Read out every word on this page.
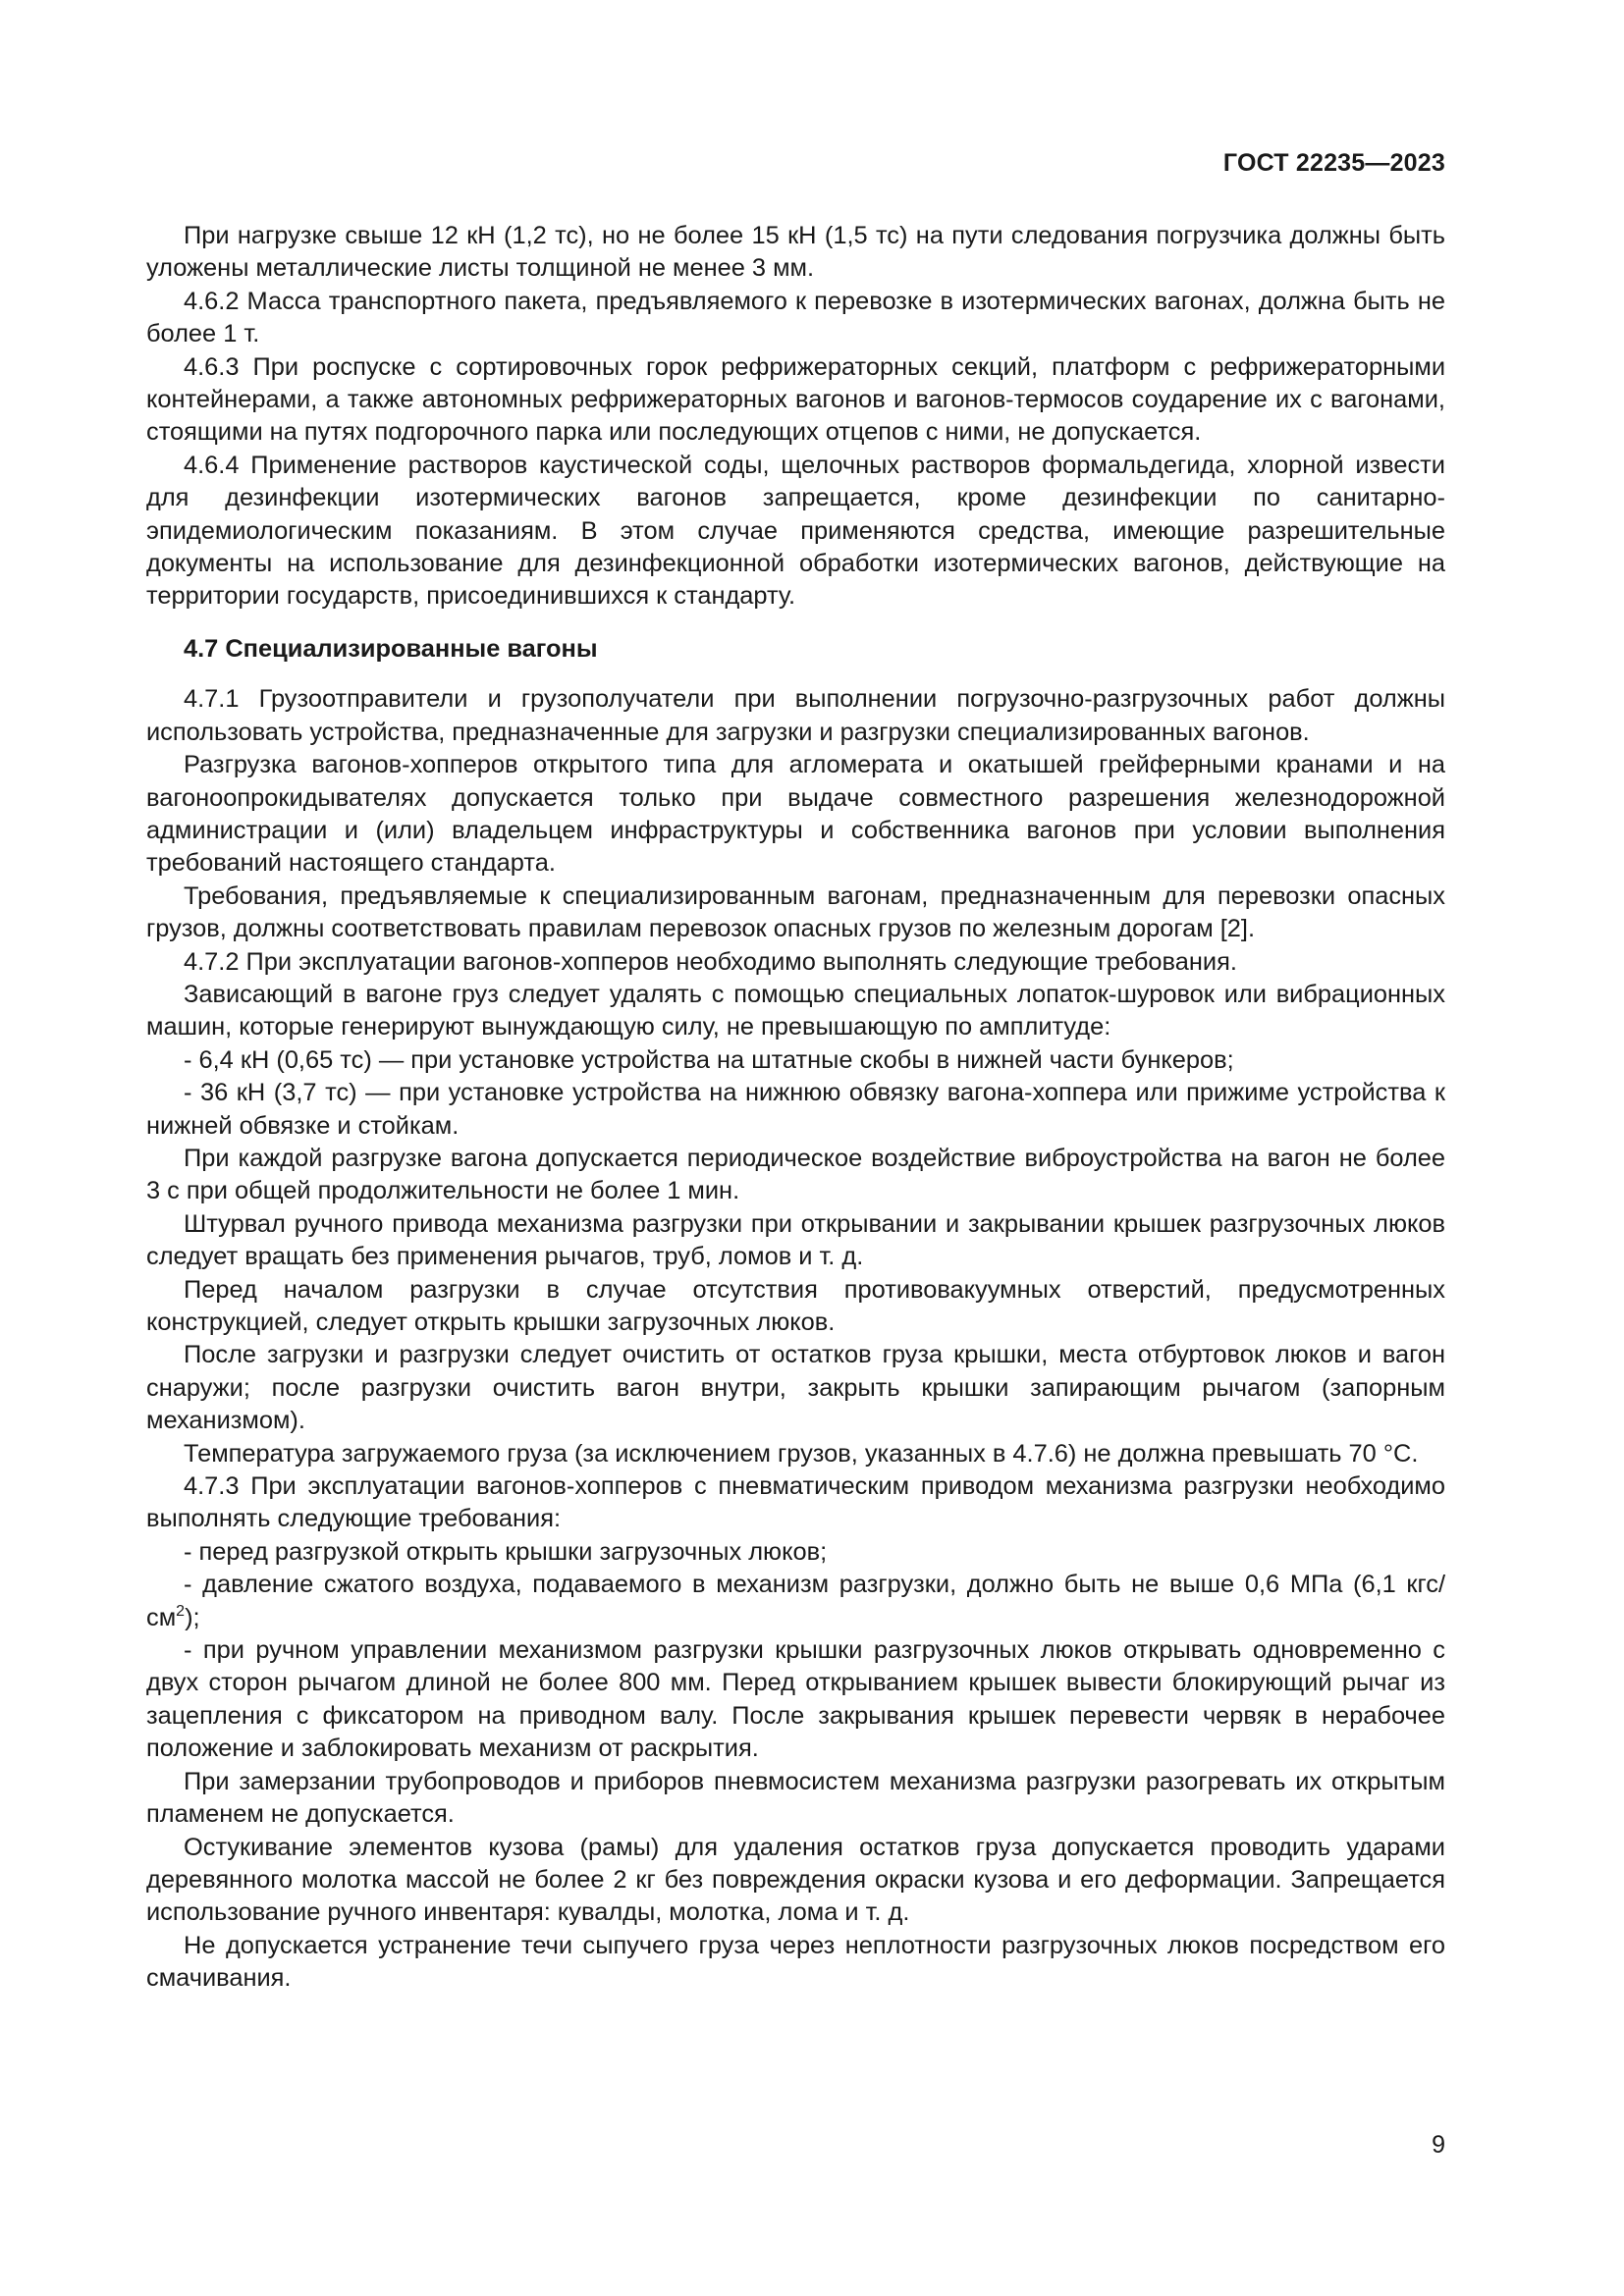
ГОСТ 22235—2023

При нагрузке свыше 12 кН (1,2 тс), но не более 15 кН (1,5 тс) на пути следования погрузчика должны быть уложены металлические листы толщиной не менее 3 мм.

4.6.2 Масса транспортного пакета, предъявляемого к перевозке в изотермических вагонах, должна быть не более 1 т.

4.6.3 При роспуске с сортировочных горок рефрижераторных секций, платформ с рефрижераторными контейнерами, а также автономных рефрижераторных вагонов и вагонов-термосов соударение их с вагонами, стоящими на путях подгорочного парка или последующих отцепов с ними, не допускается.

4.6.4 Применение растворов каустической соды, щелочных растворов формальдегида, хлорной извести для дезинфекции изотермических вагонов запрещается, кроме дезинфекции по санитарно-эпидемиологическим показаниям. В этом случае применяются средства, имеющие разрешительные документы на использование для дезинфекционной обработки изотермических вагонов, действующие на территории государств, присоединившихся к стандарту.

4.7 Специализированные вагоны

4.7.1 Грузоотправители и грузополучатели при выполнении погрузочно-разгрузочных работ должны использовать устройства, предназначенные для загрузки и разгрузки специализированных вагонов.

Разгрузка вагонов-хопперов открытого типа для агломерата и окатышей грейферными кранами и на вагоноопрокидывателях допускается только при выдаче совместного разрешения железнодорожной администрации и (или) владельцем инфраструктуры и собственника вагонов при условии выполнения требований настоящего стандарта.

Требования, предъявляемые к специализированным вагонам, предназначенным для перевозки опасных грузов, должны соответствовать правилам перевозок опасных грузов по железным дорогам [2].

4.7.2 При эксплуатации вагонов-хопперов необходимо выполнять следующие требования.

Зависающий в вагоне груз следует удалять с помощью специальных лопаток-шуровок или вибрационных машин, которые генерируют вынуждающую силу, не превышающую по амплитуде:

- 6,4 кН (0,65 тс) — при установке устройства на штатные скобы в нижней части бункеров;

- 36 кН (3,7 тс) — при установке устройства на нижнюю обвязку вагона-хоппера или прижиме устройства к нижней обвязке и стойкам.

При каждой разгрузке вагона допускается периодическое воздействие виброустройства на вагон не более 3 с при общей продолжительности не более 1 мин.

Штурвал ручного привода механизма разгрузки при открывании и закрывании крышек разгрузочных люков следует вращать без применения рычагов, труб, ломов и т. д.

Перед началом разгрузки в случае отсутствия противовакуумных отверстий, предусмотренных конструкцией, следует открыть крышки загрузочных люков.

После загрузки и разгрузки следует очистить от остатков груза крышки, места отбуртовок люков и вагон снаружи; после разгрузки очистить вагон внутри, закрыть крышки запирающим рычагом (запорным механизмом).

Температура загружаемого груза (за исключением грузов, указанных в 4.7.6) не должна превышать 70 °C.

4.7.3 При эксплуатации вагонов-хопперов с пневматическим приводом механизма разгрузки необходимо выполнять следующие требования:

- перед разгрузкой открыть крышки загрузочных люков;

- давление сжатого воздуха, подаваемого в механизм разгрузки, должно быть не выше 0,6 МПа (6,1 кгс/$см^2$);

- при ручном управлении механизмом разгрузки крышки разгрузочных люков открывать одновременно с двух сторон рычагом длиной не более 800 мм. Перед открыванием крышек вывести блокирующий рычаг из зацепления с фиксатором на приводном валу. После закрывания крышек перевести червяк в нерабочее положение и заблокировать механизм от раскрытия.

При замерзании трубопроводов и приборов пневмосистем механизма разгрузки разогревать их открытым пламенем не допускается.

Остукивание элементов кузова (рамы) для удаления остатков груза допускается проводить ударами деревянного молотка массой не более 2 кг без повреждения окраски кузова и его деформации. Запрещается использование ручного инвентаря: кувалды, молотка, лома и т. д.

Не допускается устранение течи сыпучего груза через неплотности разгрузочных люков посредством его смачивания.

9
